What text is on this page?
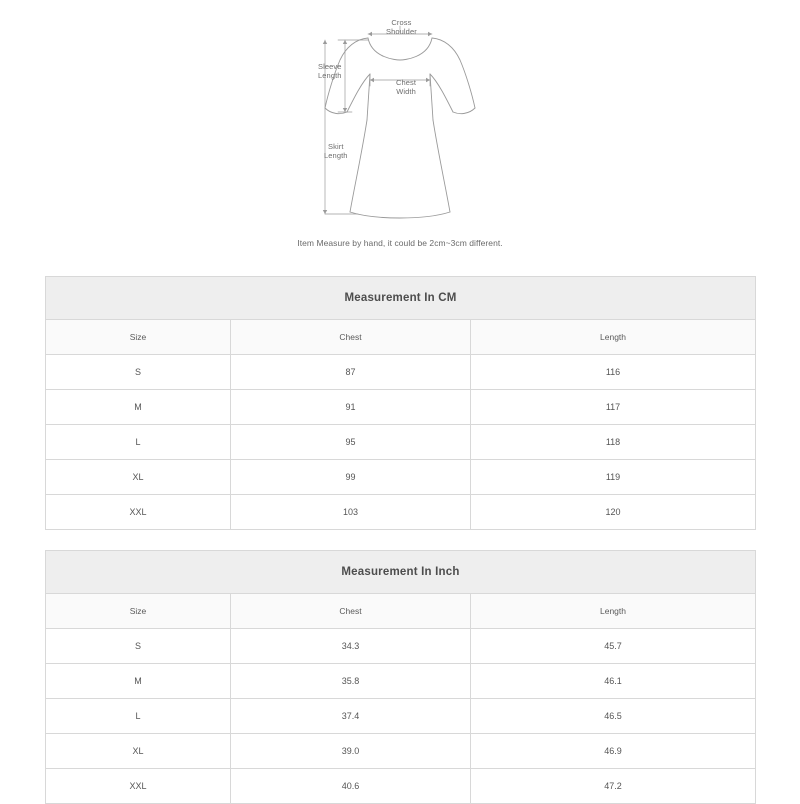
Cross
Shoulder
Sleeve
Length
Chest
Width
Skirt
Length
Item Measure by hand, it could be 2cm~3cm different.
Measurement In CM		
Size	Chest	Length
S	87	116
M	91	117
L	95	118
XL	99	119
XXL	103	120
Measurement In Inch		
Size	Chest	Length
S	34.3	45.7
M	35.8	46.1
L	37.4	46.5
XL	39.0	46.9
XXL	40.6	47.2
